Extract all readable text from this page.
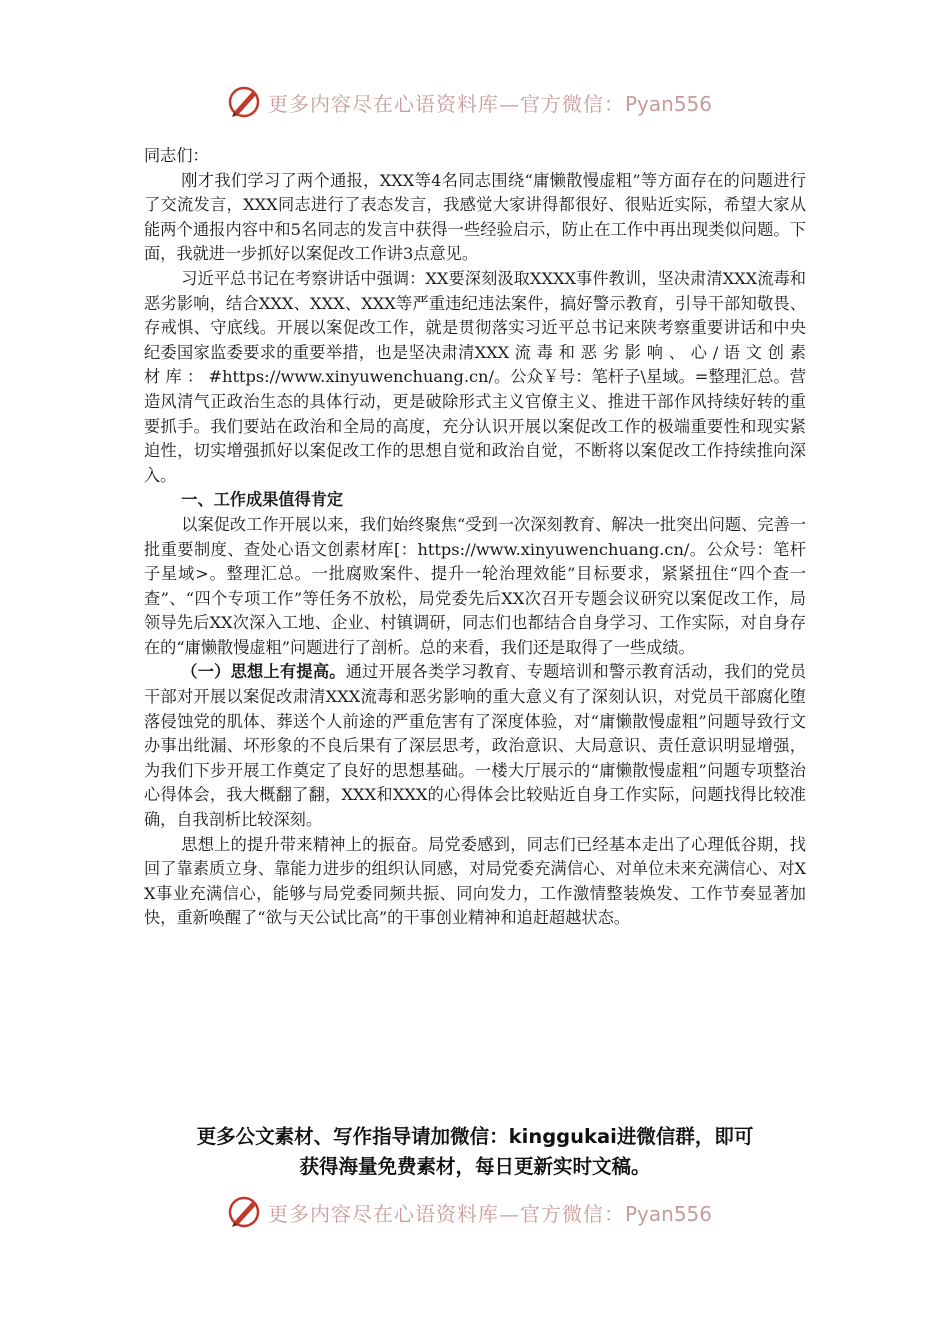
更多内容尽在心语资料库—官方微信：Pyan556

同志们：

刚才我们学习了两个通报，XXX等4名同志围绕“庸懒散慢虚粗”等方面存在的问题进行了交流发言，XXX同志进行了表态发言，我感觉大家讲得都很好、很贴近实际，希望大家从能两个通报内容中和5名同志的发言中获得一些经验启示，防止在工作中再出现类似问题。下面，我就进一步抓好以案促改工作讲3点意见。

习近平总书记在考察讲话中强调：XX要深刻汲取XXXX事件教训，坚决肃清XXX流毒和恶劣影响，结合XXX、XXX、XXX等严重违纪违法案件，搞好警示教育，引导干部知敬畏、存戒惧、守底线。开展以案促改工作，就是贯彻落实习近平总书记来陕考察重要讲话和中央纪委国家监委要求的重要举措，也是坚决肃清XXX 流 毒 和 恶 劣 影 响 、 心 / 语 文 创 素 材 库 ： #https://www.xinyuwenchuang.cn/。公众￥号：笔杆子\星域。=整理汇总。营造风清气正政治生态的具体行动，更是破除形式主义官僚主义、推进干部作风持续好转的重要抓手。我们要站在政治和全局的高度，充分认识开展以案促改工作的极端重要性和现实紧迫性，切实增强抓好以案促改工作的思想自觉和政治自觉，不断将以案促改工作持续推向深入。

一、工作成果值得肯定

以案促改工作开展以来，我们始终聚焦“受到一次深刻教育、解决一批突出问题、完善一批重要制度、查处心语文创素材库[：https://www.xinyuwenchuang.cn/。公众号：笔杆子星域>。整理汇总。一批腐败案件、提升一轮治理效能”目标要求，紧紧扭住“四个查一查”、“四个专项工作”等任务不放松，局党委先后XX次召开专题会议研究以案促改工作，局领导先后XX次深入工地、企业、村镇调研，同志们也都结合自身学习、工作实际，对自身存在的“庸懒散慢虚粗”问题进行了剖析。总的来看，我们还是取得了一些成绩。

（一）思想上有提高。通过开展各类学习教育、专题培训和警示教育活动，我们的党员干部对开展以案促改肃清XXX流毒和恶劣影响的重大意义有了深刻认识，对党员干部腐化堕落侵蚀党的肌体、葬送个人前途的严重危害有了深度体验，对“庸懒散慢虚粗”问题导致行文办事出纰漏、坏形象的不良后果有了深层思考，政治意识、大局意识、责任意识明显增强，为我们下步开展工作奠定了良好的思想基础。一楼大厅展示的“庸懒散慢虚粗”问题专项整治心得体会，我大概翻了翻，XXX和XXX的心得体会比较贴近自身工作实际，问题找得比较准确，自我剖析比较深刻。

思想上的提升带来精神上的振奋。局党委感到，同志们已经基本走出了心理低谷期，找回了靠素质立身、靠能力进步的组织认同感，对局党委充满信心、对单位未来充满信心、对XX事业充满信心，能够与局党委同频共振、同向发力，工作激情整装焕发、工作节奏显著加快，重新唤醒了“欲与天公试比高”的干事创业精神和追赶超越状态。

更多公文素材、写作指导请加微信：kinggukai进微信群，即可
获得海量免费素材，每日更新实时文稿。
更多内容尽在心语资料库—官方微信：Pyan556
